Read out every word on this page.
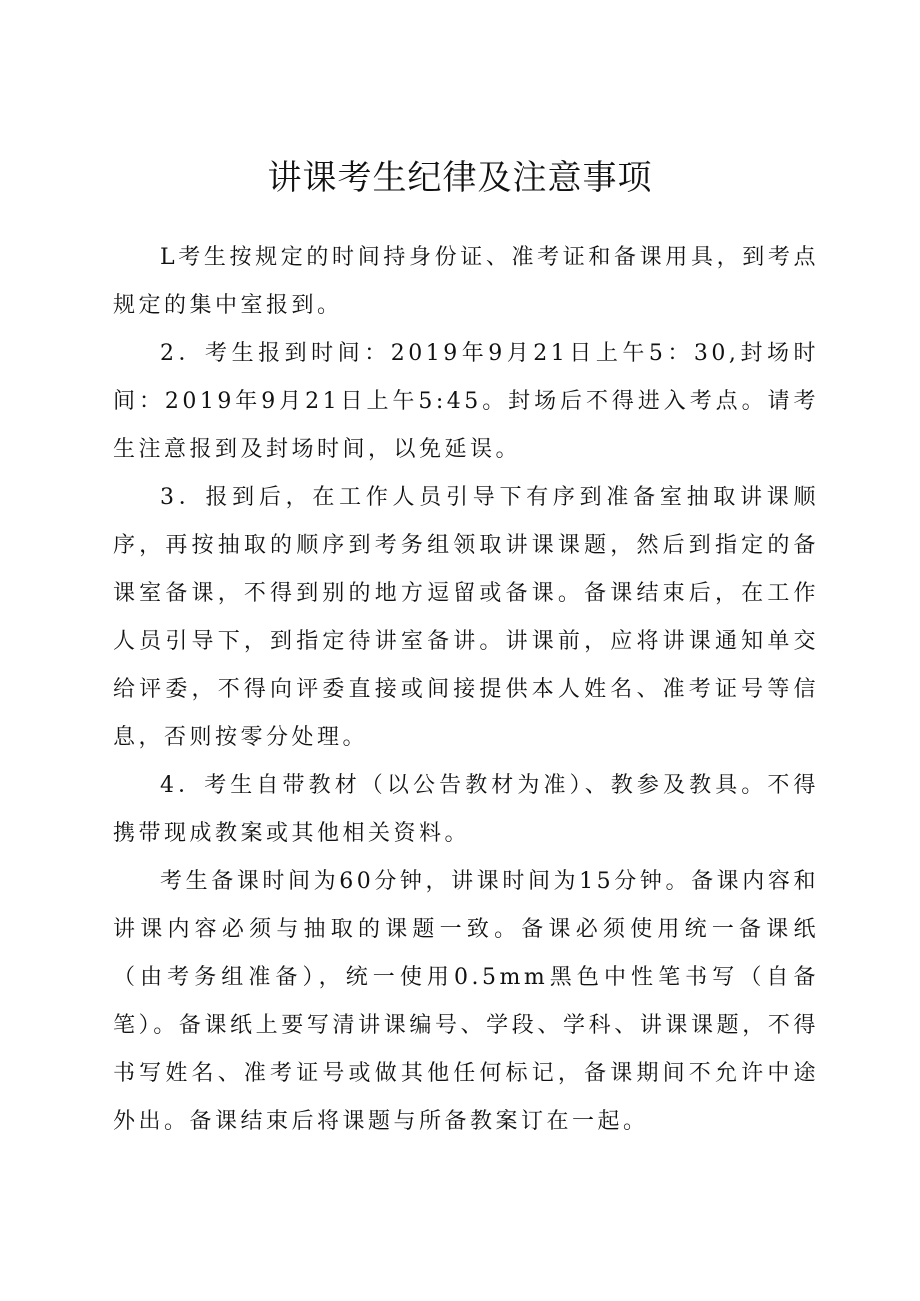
讲课考生纪律及注意事项

L考生按规定的时间持身份证、准考证和备课用具，到考点规定的集中室报到。

2．考生报到时间：2019年9月21日上午5：30,封场时间：2019年9月21日上午5:45。封场后不得进入考点。请考生注意报到及封场时间，以免延误。

3．报到后，在工作人员引导下有序到准备室抽取讲课顺序，再按抽取的顺序到考务组领取讲课课题，然后到指定的备课室备课，不得到别的地方逗留或备课。备课结束后，在工作人员引导下，到指定待讲室备讲。讲课前，应将讲课通知单交给评委，不得向评委直接或间接提供本人姓名、准考证号等信息，否则按零分处理。

4．考生自带教材（以公告教材为准）、教参及教具。不得携带现成教案或其他相关资料。

考生备课时间为60分钟，讲课时间为15分钟。备课内容和讲课内容必须与抽取的课题一致。备课必须使用统一备课纸（由考务组准备），统一使用0.5mm黑色中性笔书写（自备笔）。备课纸上要写清讲课编号、学段、学科、讲课课题，不得书写姓名、准考证号或做其他任何标记，备课期间不允许中途外出。备课结束后将课题与所备教案订在一起。
